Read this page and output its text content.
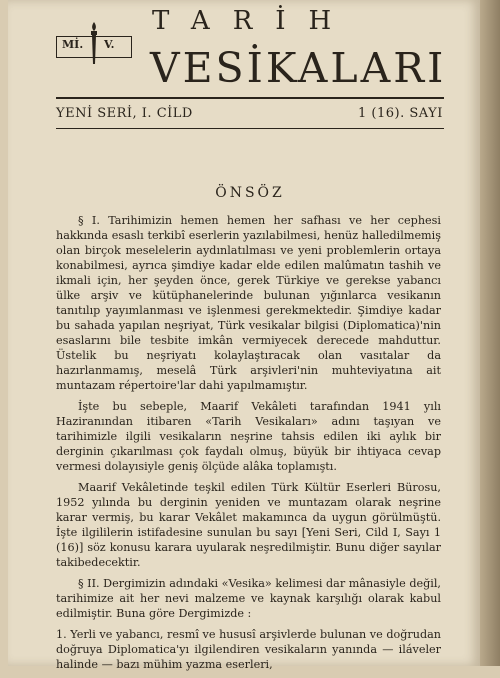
Mİ. V.
TARİH
VESİKALARI
YENİ SERİ, I. CİLD	1 (16). SAYI
ÖNSÖZ

§ I. Tarihimizin hemen hemen her safhası ve her cephesi hakkında esaslı terkibî eserlerin yazılabilmesi, henüz halledilmemiş olan birçok meselelerin aydınlatılması ve yeni problemlerin ortaya konabilmesi, ayrıca şimdiye kadar elde edilen malûmatın tashih ve ikmali için, her şeyden önce, gerek Türkiye ve gerekse yabancı ülke arşiv ve kütüphanelerinde bulunan yığınlarca vesikanın tanıtılıp yayımlanması ve işlenmesi gerekmektedir. Şimdiye kadar bu sahada yapılan neşriyat, Türk vesikalar bilgisi (Diplomatica)'nin esaslarını bile tesbite imkân vermiyecek derecede mahduttur. Üstelik bu neşriyatı kolaylaştıracak olan vasıtalar da hazırlanmamış, meselâ Türk arşivleri'nin muhteviyatına ait muntazam répertoire'lar dahi yapılmamıştır.

İşte bu sebeple, Maarif Vekâleti tarafından 1941 yılı Haziranından itibaren «Tarih Vesikaları» adını taşıyan ve tarihimizle ilgili vesikaların neşrine tahsis edilen iki aylık bir derginin çıkarılması çok faydalı olmuş, büyük bir ihtiyaca cevap vermesi dolayısiyle geniş ölçüde alâka toplamıştı.

Maarif Vekâletinde teşkil edilen Türk Kültür Eserleri Bürosu, 1952 yılında bu derginin yeniden ve muntazam olarak neşrine karar vermiş, bu karar Vekâlet makamınca da uygun görülmüştü. İşte ilgililerin istifadesine sunulan bu sayı [Yeni Seri, Cild I, Sayı 1 (16)] söz konusu karara uyularak neşredilmiştir. Bunu diğer sayılar takibedecektir.

§ II. Dergimizin adındaki «Vesika» kelimesi dar mânasiyle değil, tarihimize ait her nevi malzeme ve kaynak karşılığı olarak kabul edilmiştir. Buna göre Dergimizde :

1. Yerli ve yabancı, resmî ve hususî arşivlerde bulunan ve doğrudan doğruya Diplomatica'yı ilgilendiren vesikaların yanında — iláveler halinde — bazı mühim yazma eserleri,
